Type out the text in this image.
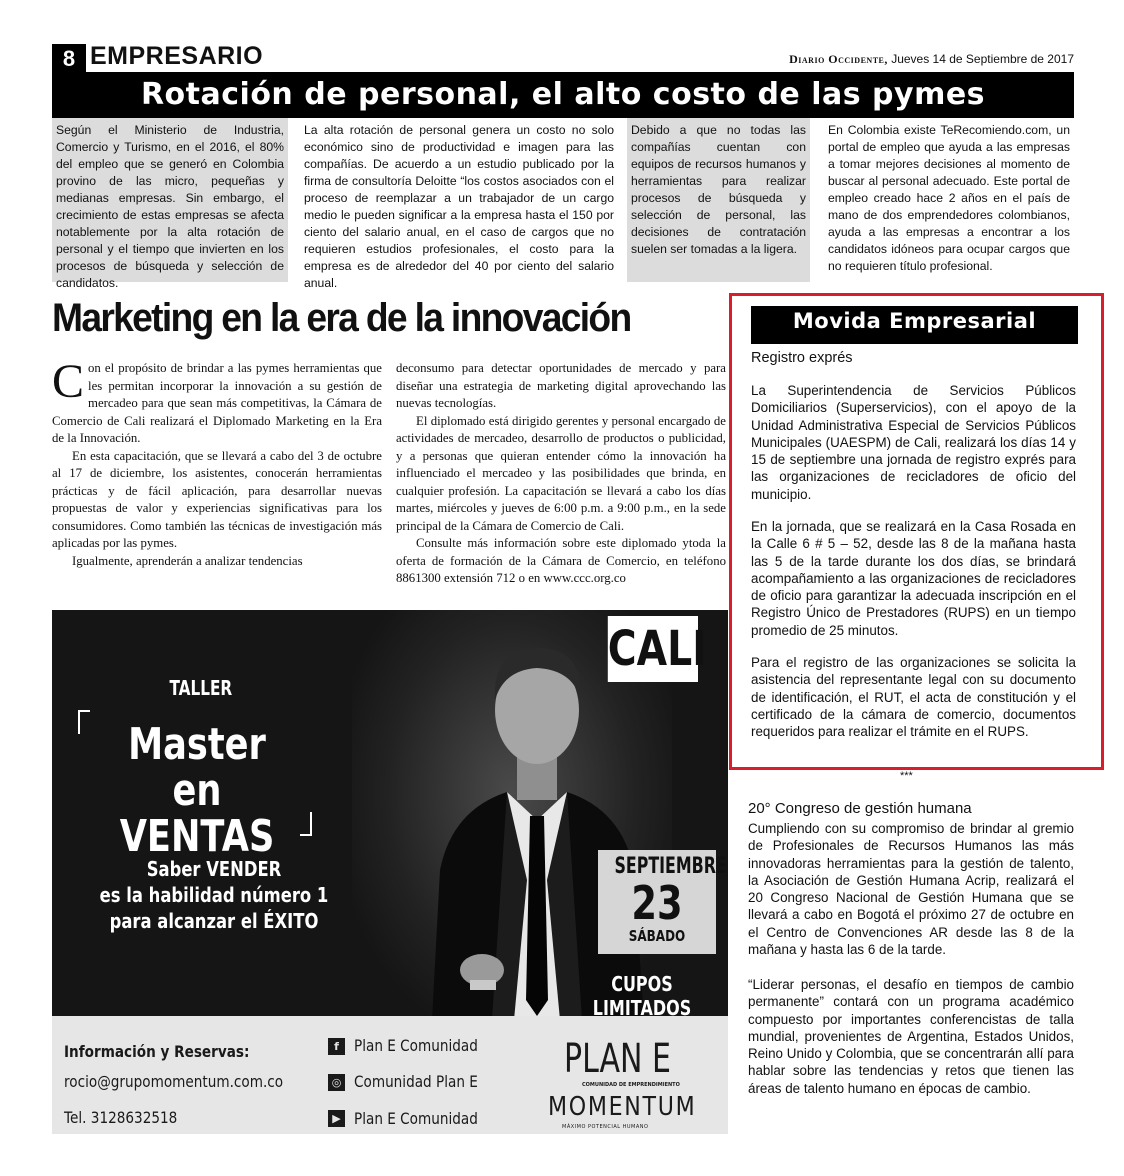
8 EMPRESARIO	Diario Occidente, Jueves 14 de Septiembre de 2017
Rotación de personal, el alto costo de las pymes
Según el Ministerio de Industria, Comercio y Turismo, en el 2016, el 80% del empleo que se generó en Colombia provino de las micro, pequeñas y medianas empresas. Sin embargo, el crecimiento de estas empresas se afecta notablemente por la alta rotación de personal y el tiempo que invierten en los procesos de búsqueda y selección de candidatos.
La alta rotación de personal genera un costo no solo económico sino de productividad e imagen para las compañías. De acuerdo a un estudio publicado por la firma de consultoría Deloitte “los costos asociados con el proceso de reemplazar a un trabajador de un cargo medio le pueden significar a la empresa hasta el 150 por ciento del salario anual, en el caso de cargos que no requieren estudios profesionales, el costo para la empresa es de alrededor del 40 por ciento del salario anual.
Debido a que no todas las compañías cuentan con equipos de recursos humanos y herramientas para realizar procesos de búsqueda y selección de personal, las decisiones de contratación suelen ser tomadas a la ligera.
En Colombia existe TeRecomiendo.com, un portal de empleo que ayuda a las empresas a tomar mejores decisiones al momento de buscar al personal adecuado. Este portal de empleo creado hace 2 años en el país de mano de dos emprendedores colombianos, ayuda a las empresas a encontrar a los candidatos idóneos para ocupar cargos que no requieren título profesional.
Marketing en la era de la innovación
C on el propósito de brindar a las pymes herramientas que les permitan incorporar la innovación a su gestión de mercadeo para que sean más competitivas, la Cámara de Comercio de Cali realizará el Diplomado Marketing en la Era de la Innovación.

En esta capacitación, que se llevará a cabo del 3 de octubre al 17 de diciembre, los asistentes, conocerán herramientas prácticas y de fácil aplicación, para desarrollar nuevas propuestas de valor y experiencias significativas para los consumidores. Como también las técnicas de investigación más aplicadas por las pymes.

Igualmente, aprenderán a analizar tendencias

deconsumo para detectar oportunidades de mercado y para diseñar una estrategia de marketing digital aprovechando las nuevas tecnologías.

El diplomado está dirigido gerentes y personal encargado de actividades de mercadeo, desarrollo de productos o publicidad, y a personas que quieran entender cómo la innovación ha influenciado el mercadeo y las posibilidades que brinda, en cualquier profesión. La capacitación se llevará a cabo los días martes, miércoles y jueves de 6:00 p.m. a 9:00 p.m., en la sede principal de la Cámara de Comercio de Cali.

Consulte más información sobre este diplomado ytoda la oferta de formación de la Cámara de Comercio, en teléfono 8861300 extensión 712 o en www.ccc.org.co

TALLER
Master en
VENTAS
Saber VENDER
es la habilidad número 1
para alcanzar el ÉXITO
CALI
SEPTIEMBRE
23
SÁBADO
CUPOS LIMITADOS
Información y Reservas:
rocio@grupomomentum.com.co
Tel. 3128632518
f
◎
▶
Plan E Comunidad
Comunidad Plan E
Plan E Comunidad
PLAN E
COMUNIDAD DE EMPRENDIMIENTO
MOMENTUM
MÁXIMO POTENCIAL HUMANO
Movida Empresarial
Registro exprés
La Superintendencia de Servicios Públicos Domiciliarios (Superservicios), con el apoyo de la Unidad Administrativa Especial de Servicios Públicos Municipales (UAESPM) de Cali, realizará los días 14 y 15 de septiembre una jornada de registro exprés para las organizaciones de recicladores de oficio del municipio.
En la jornada, que se realizará en la Casa Rosada en la Calle 6 # 5 – 52, desde las 8 de la mañana hasta las 5 de la tarde durante los dos días, se brindará acompañamiento a las organizaciones de recicladores de oficio para garantizar la adecuada inscripción en el Registro Único de Prestadores (RUPS) en un tiempo promedio de 25 minutos.
Para el registro de las organizaciones se solicita la asistencia del representante legal con su documento de identificación, el RUT, el acta de constitución y el certificado de la cámara de comercio, documentos requeridos para realizar el trámite en el RUPS.
***
20° Congreso de gestión humana
Cumpliendo con su compromiso de brindar al gremio de Profesionales de Recursos Humanos las más innovadoras herramientas para la gestión de talento, la Asociación de Gestión Humana Acrip, realizará el 20 Congreso Nacional de Gestión Humana que se llevará a cabo en Bogotá el próximo 27 de octubre en el Centro de Convenciones AR desde las 8 de la mañana y hasta las 6 de la tarde.
“Liderar personas, el desafío en tiempos de cambio permanente” contará con un programa académico compuesto por importantes conferencistas de talla mundial, provenientes de Argentina, Estados Unidos, Reino Unido y Colombia, que se concentrarán allí para hablar sobre las tendencias y retos que tienen las áreas de talento humano en épocas de cambio.
